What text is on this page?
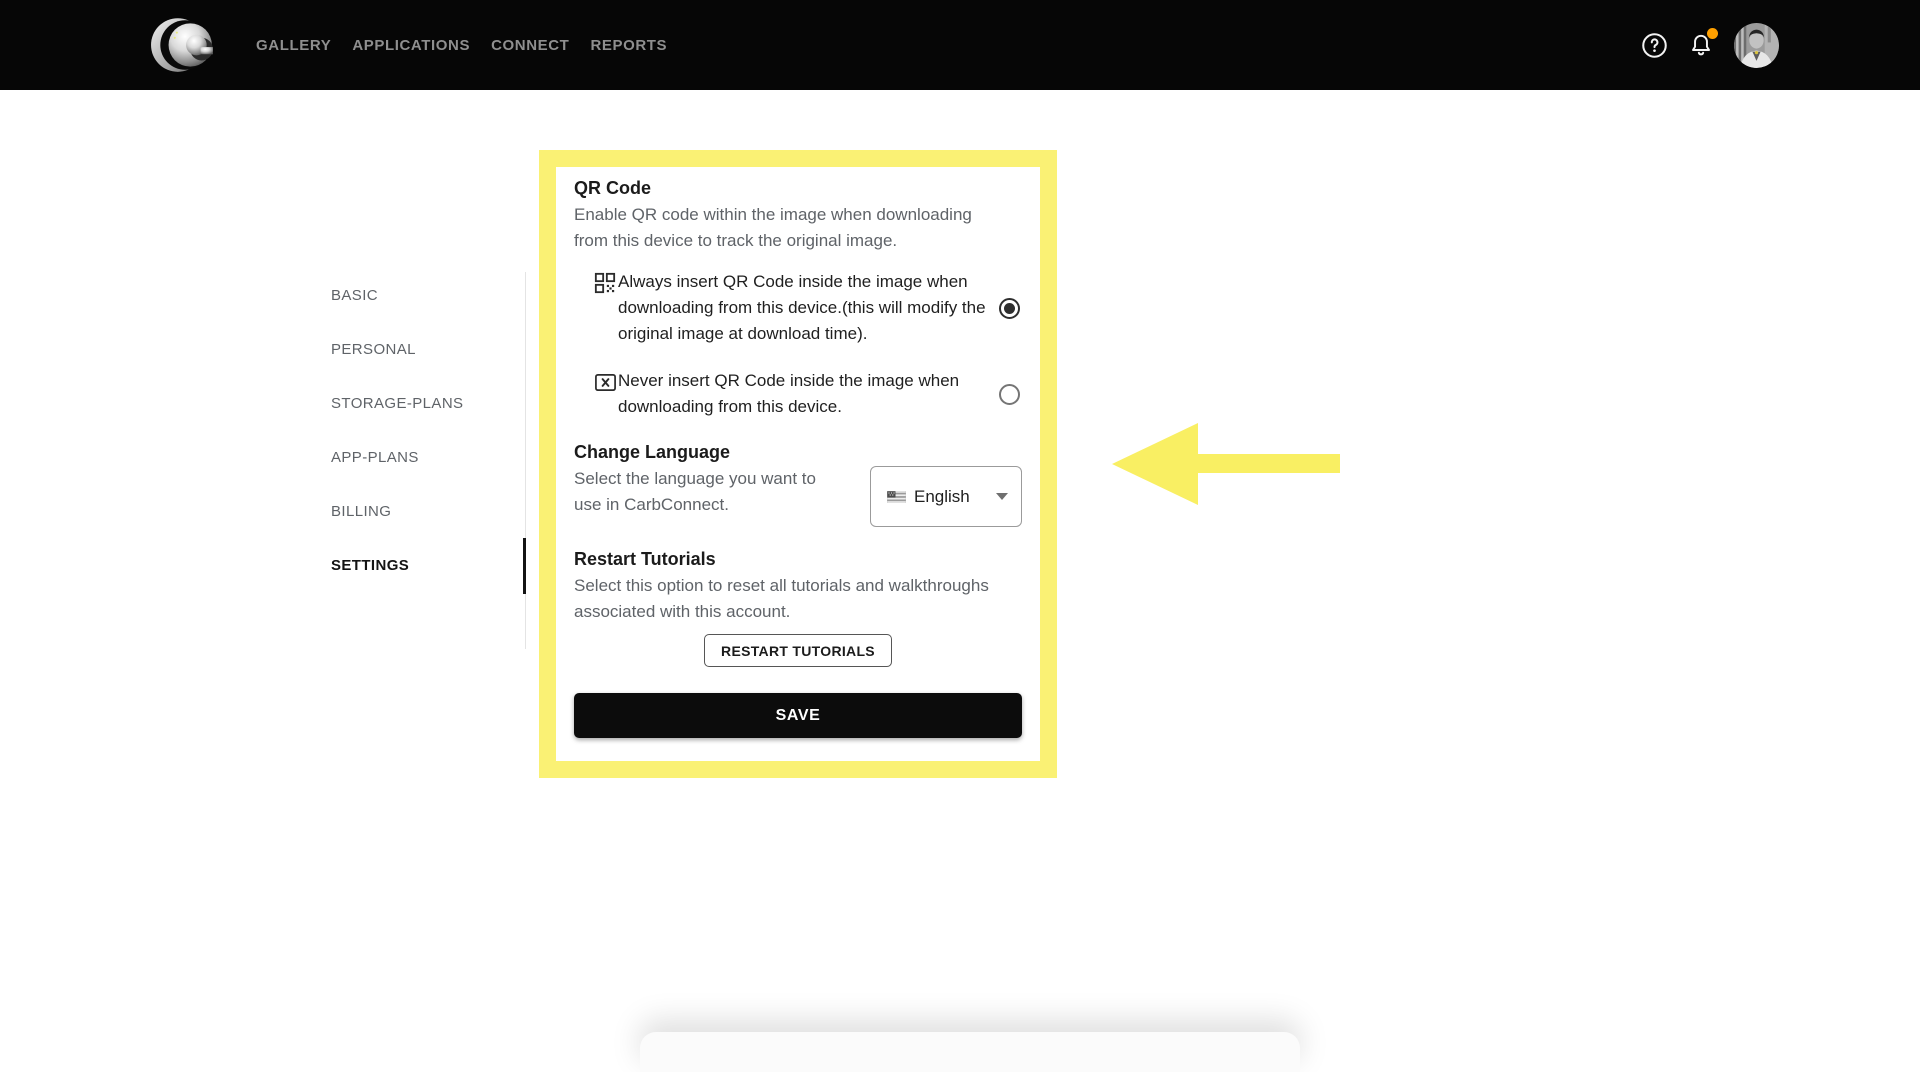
GALLERY APPLICATIONS CONNECT REPORTS
BASIC
PERSONAL
STORAGE-PLANS
APP-PLANS
BILLING
SETTINGS
QR Code

Enable QR code within the image when downloading from this device to track the original image.

Always insert QR Code inside the image when downloading from this device.(this will modify the original image at download time).
Never insert QR Code inside the image when downloading from this device.
Change Language

Select the language you want to use in CarbConnect.	English
Restart Tutorials

Select this option to reset all tutorials and walkthroughs associated with this account.

RESTART TUTORIALS
SAVE
